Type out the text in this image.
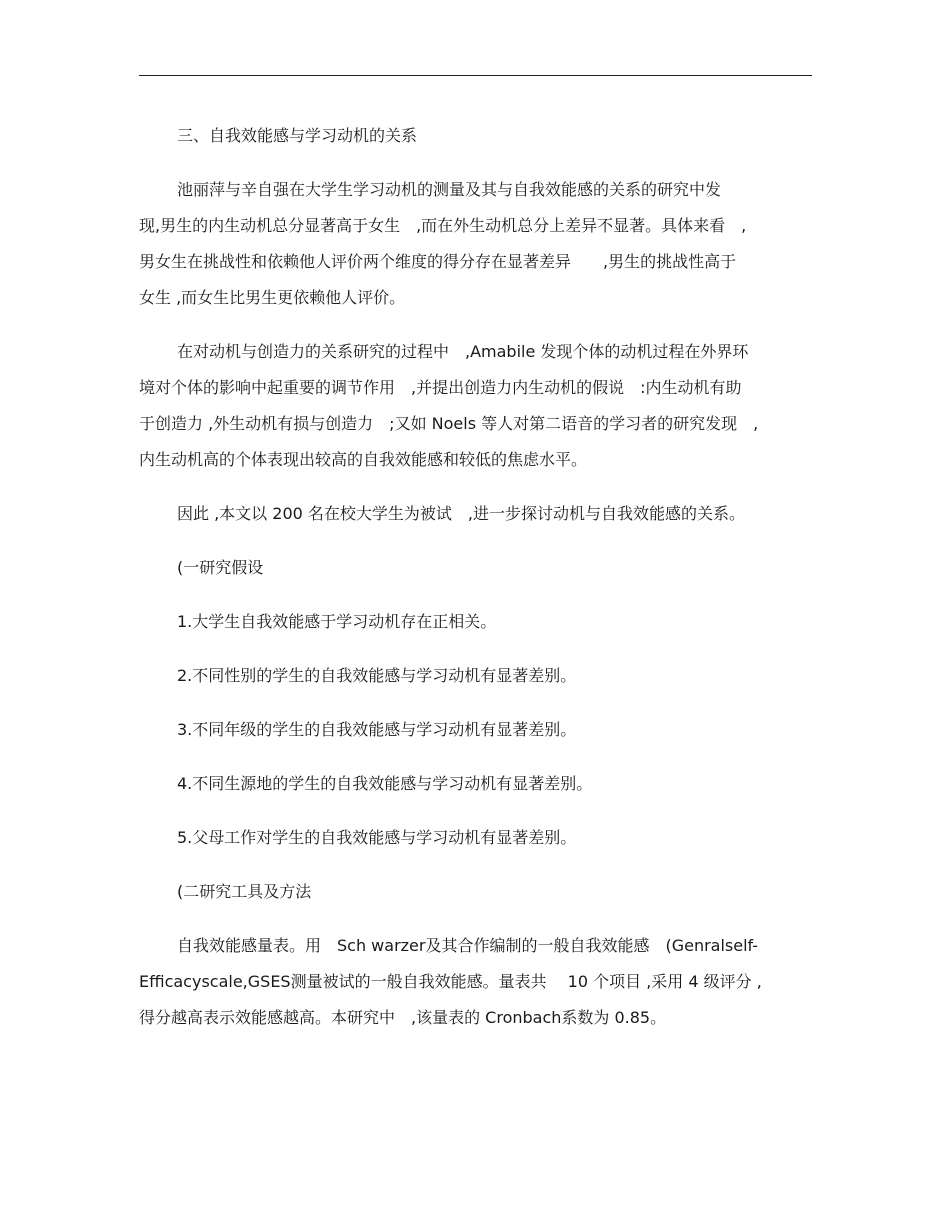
三、自我效能感与学习动机的关系
池丽萍与辛自强在大学生学习动机的测量及其与自我效能感的关系的研究中发
现,男生的内生动机总分显著高于女生　,而在外生动机总分上差异不显著。具体来看　,
男女生在挑战性和依赖他人评价两个维度的得分存在显著差异　　,男生的挑战性高于
女生 ,而女生比男生更依赖他人评价。
在对动机与创造力的关系研究的过程中　,Amabile 发现个体的动机过程在外界环
境对个体的影响中起重要的调节作用　,并提出创造力内生动机的假说　:内生动机有助
于创造力 ,外生动机有损与创造力　;又如 Noels 等人对第二语音的学习者的研究发现　,
内生动机高的个体表现出较高的自我效能感和较低的焦虑水平。
因此 ,本文以 200 名在校大学生为被试　,进一步探讨动机与自我效能感的关系。
(一研究假设
1.大学生自我效能感于学习动机存在正相关。
2.不同性别的学生的自我效能感与学习动机有显著差别。
3.不同年级的学生的自我效能感与学习动机有显著差别。
4.不同生源地的学生的自我效能感与学习动机有显著差别。
5.父母工作对学生的自我效能感与学习动机有显著差别。
(二研究工具及方法
自我效能感量表。用　Sch warzer及其合作编制的一般自我效能感　(Genralself-
Efficacyscale,GSES测量被试的一般自我效能感。量表共　 10 个项目 ,采用 4 级评分 ,
得分越高表示效能感越高。本研究中　,该量表的 Cronbach系数为 0.85。
